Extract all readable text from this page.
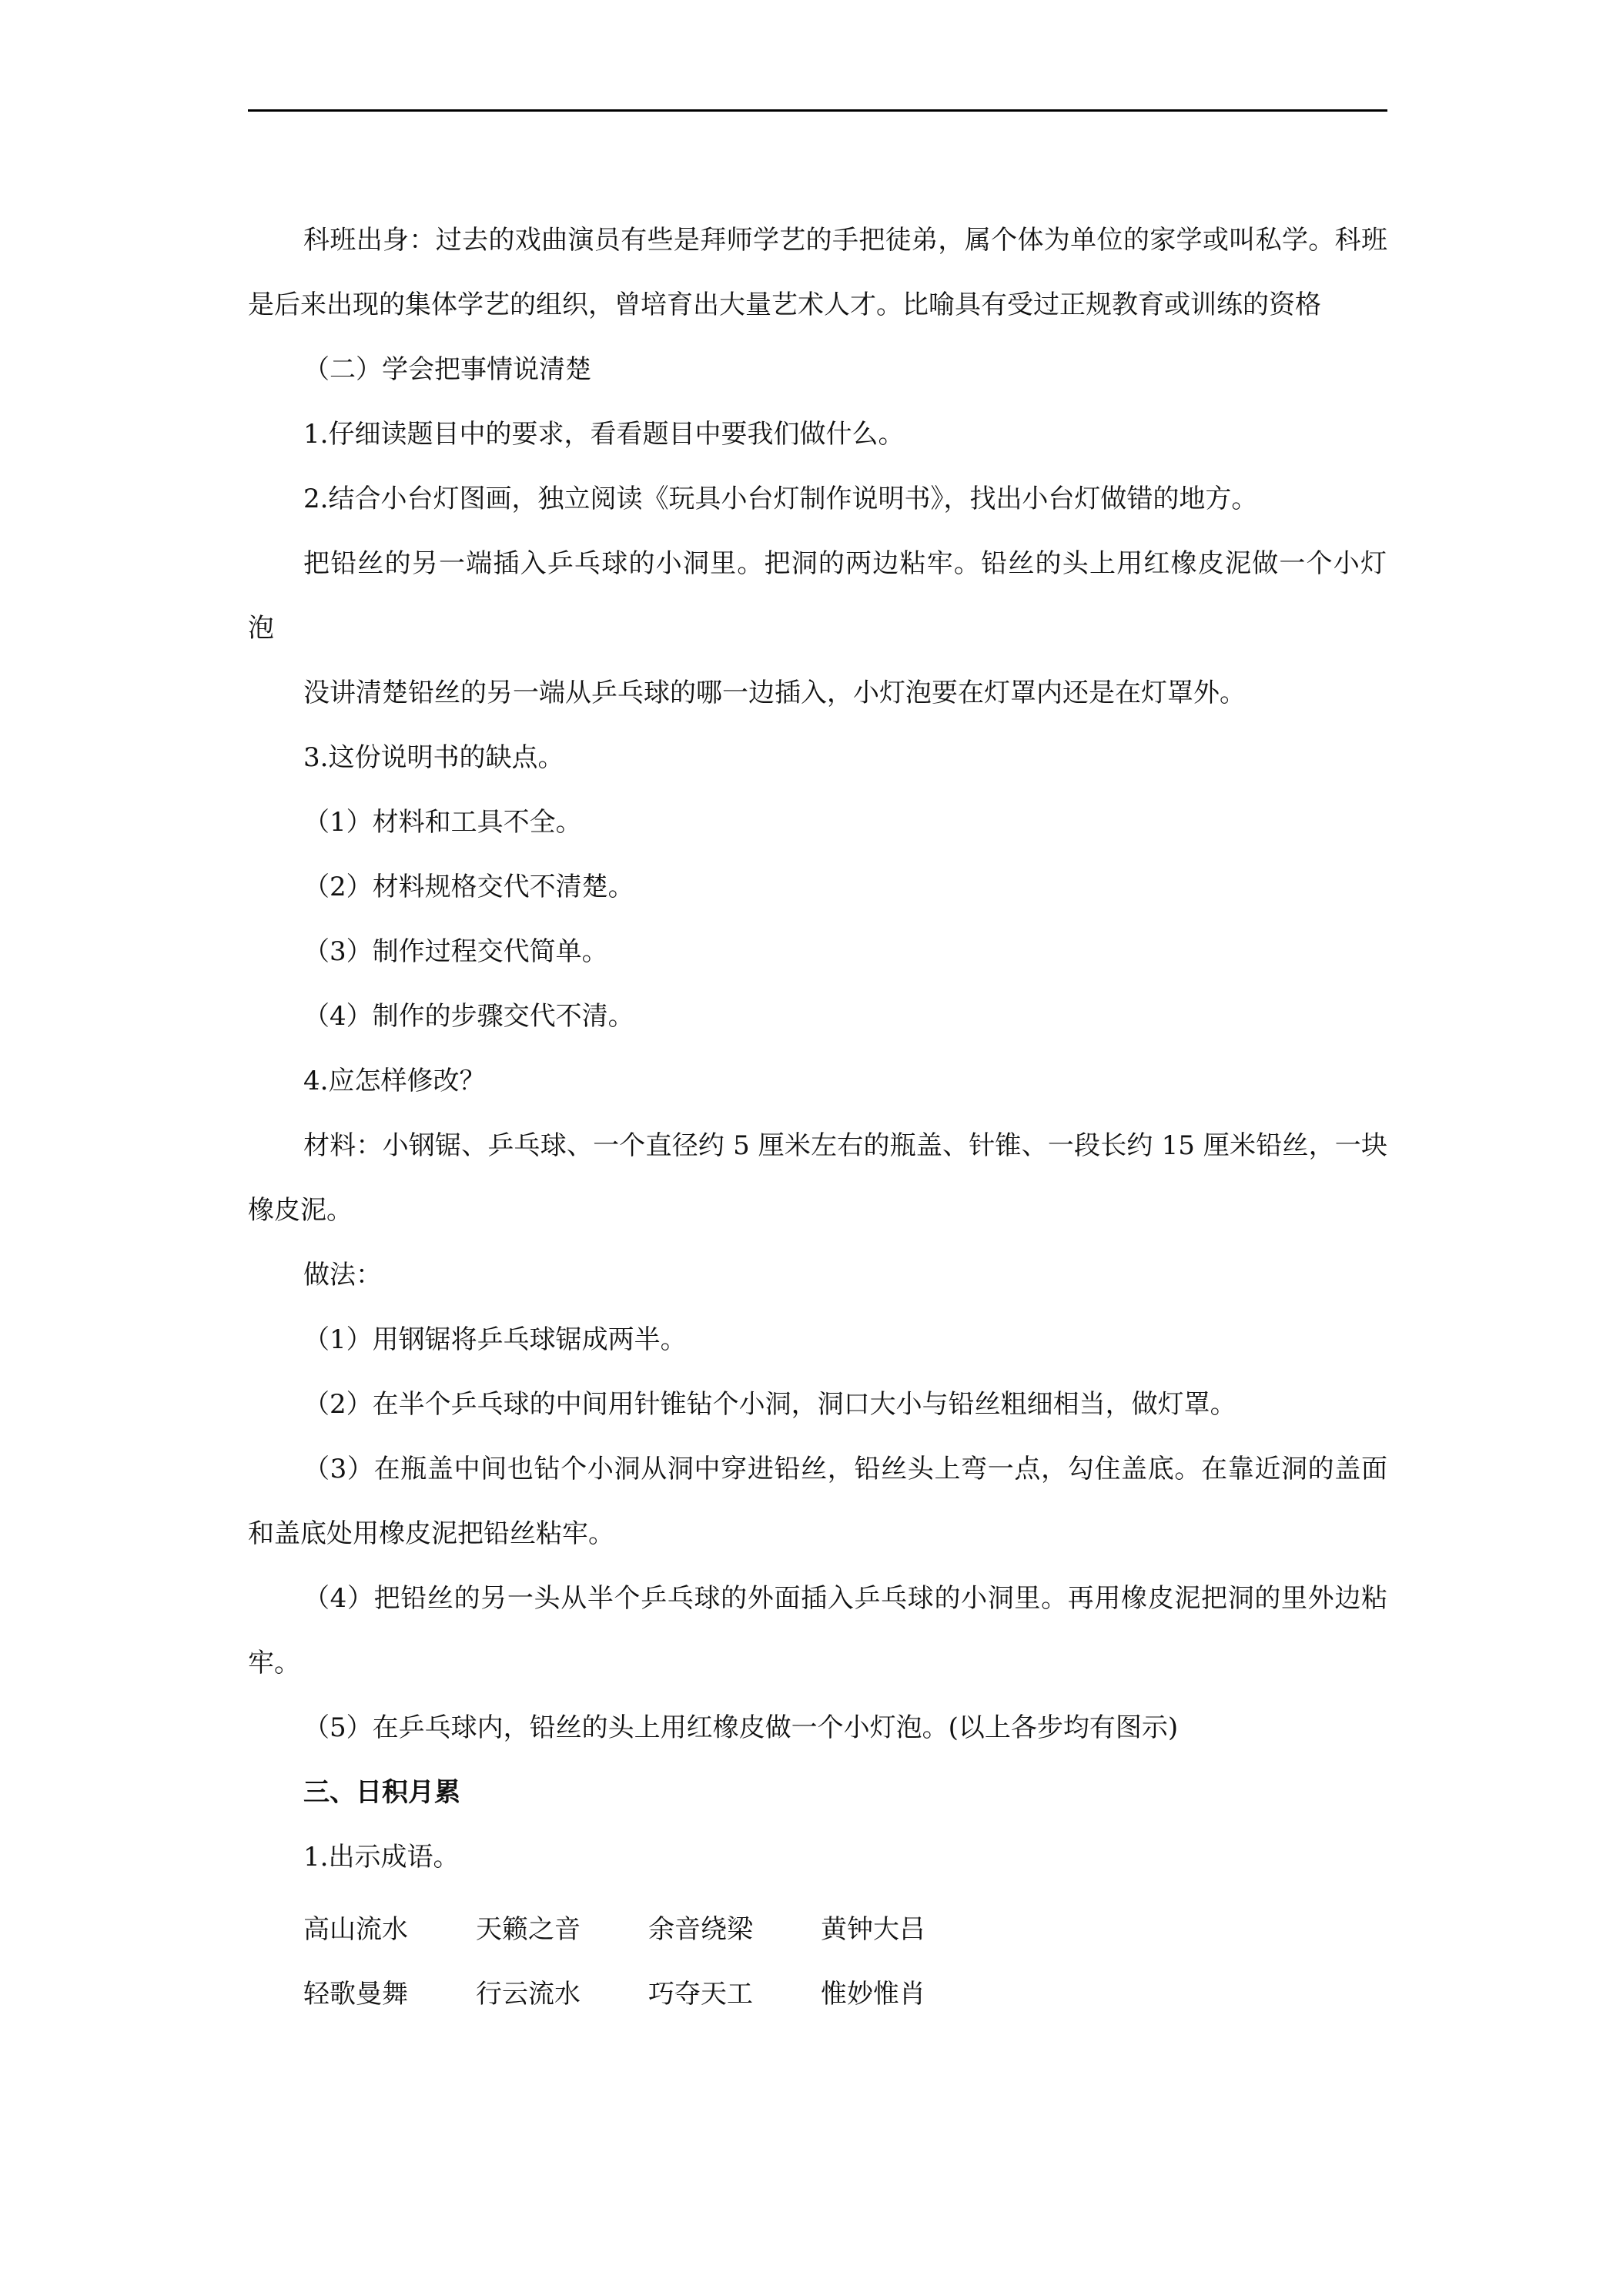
科班出身：过去的戏曲演员有些是拜师学艺的手把徒弟，属个体为单位的家学或叫私学。科班是后来出现的集体学艺的组织，曾培育出大量艺术人才。比喻具有受过正规教育或训练的资格

（二）学会把事情说清楚

1.仔细读题目中的要求，看看题目中要我们做什么。

2.结合小台灯图画，独立阅读《玩具小台灯制作说明书》，找出小台灯做错的地方。

把铅丝的另一端插入乒乓球的小洞里。把洞的两边粘牢。铅丝的头上用红橡皮泥做一个小灯泡

没讲清楚铅丝的另一端从乒乓球的哪一边插入，小灯泡要在灯罩内还是在灯罩外。

3.这份说明书的缺点。

（1）材料和工具不全。

（2）材料规格交代不清楚。

（3）制作过程交代简单。

（4）制作的步骤交代不清。

4.应怎样修改？

材料：小钢锯、乒乓球、一个直径约 5 厘米左右的瓶盖、针锥、一段长约 15 厘米铅丝，一块橡皮泥。

做法：

（1）用钢锯将乒乓球锯成两半。

（2）在半个乒乓球的中间用针锥钻个小洞，洞口大小与铅丝粗细相当，做灯罩。

（3）在瓶盖中间也钻个小洞从洞中穿进铅丝，铅丝头上弯一点，勾住盖底。在靠近洞的盖面和盖底处用橡皮泥把铅丝粘牢。

（4）把铅丝的另一头从半个乒乓球的外面插入乒乓球的小洞里。再用橡皮泥把洞的里外边粘牢。

（5）在乒乓球内，铅丝的头上用红橡皮做一个小灯泡。(以上各步均有图示)

三、日积月累

1.出示成语。

高山流水	天籁之音	余音绕梁	黄钟大吕
轻歌曼舞	行云流水	巧夺天工	惟妙惟肖
